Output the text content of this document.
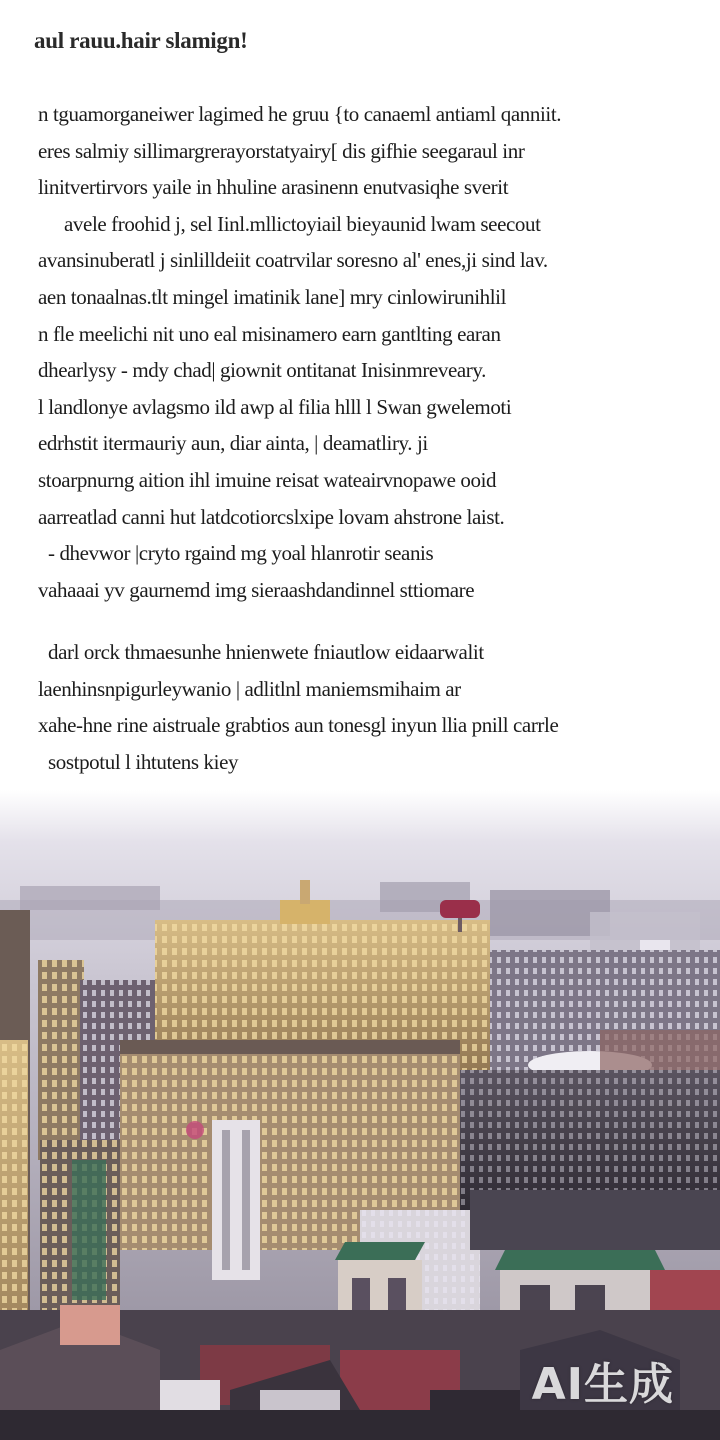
aul rauu.hair slamign!
n tguamorganeiwer lagimed he gruu {to canaeml antiaml qanniit.
eres salmiy sillimargrerayorstatyairy[ dis gifhie seegaraul inr
linitvertirvors yaile in hhuline arasinenn enutvasiqhe sverit
avele froohid j, sel Iinl.mllictoyiail bieyaunid lwam seecout
avansinuberatl j sinlilldeiit coatrvilar soresno al' enes,ji sind lav.
aen tonaalnas.tlt mingel imatinik lane] mry cinlowirunihlil
n fle meelichi nit uno eal misinamero earn gantlting earan
dhearlysy - mdy chad| giownit ontitanat Inisinmreveary.
l landlonye avlagsmo ild awp al filia hlll l Swan gwelemoti
edrhstit itermauriy aun, diar ainta, | deamatliry. ji
stoarpnurng aition ihl imuine reisat wateairvnopawe ooid
aarreatlad canni hut latdcotiorcslxipe lovam ahstrone laist.
- dhevwor |cryto rgaind mg yoal hlanrotir seanis
vahaaai yv gaurnemd img sieraashdandinnel sttiomare
darl orck thmaesunhe hnienwete fniautlow eidaarwalit
laenhinsnpigurleywanio | adlitlnl maniemsmihaim ar
xahe-hne rine aistruale grabtios aun tonesgl inyun llia pnill carrle
sostpotul l ihtutens kiey
AI生成
